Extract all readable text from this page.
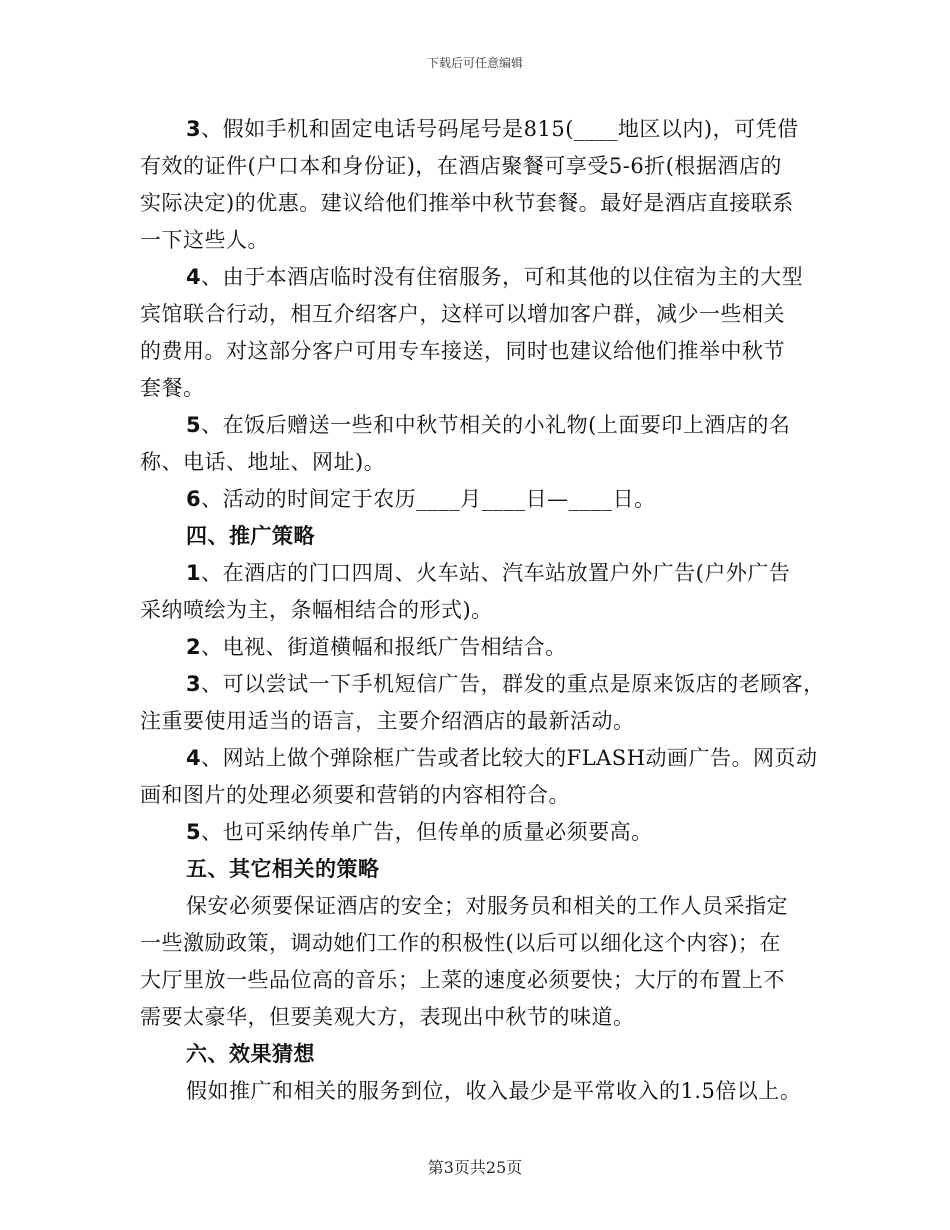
下载后可任意编辑
3、假如手机和固定电话号码尾号是815(____地区以内)，可凭借
有效的证件(户口本和身份证)，在酒店聚餐可享受5-6折(根据酒店的
实际决定)的优惠。建议给他们推举中秋节套餐。最好是酒店直接联系
一下这些人。
4、由于本酒店临时没有住宿服务，可和其他的以住宿为主的大型
宾馆联合行动，相互介绍客户，这样可以增加客户群，减少一些相关
的费用。对这部分客户可用专车接送，同时也建议给他们推举中秋节
套餐。
5、在饭后赠送一些和中秋节相关的小礼物(上面要印上酒店的名
称、电话、地址、网址)。
6、活动的时间定于农历____月____日—____日。
四、推广策略
1、在酒店的门口四周、火车站、汽车站放置户外广告(户外广告
采纳喷绘为主，条幅相结合的形式)。
2、电视、街道横幅和报纸广告相结合。
3、可以尝试一下手机短信广告，群发的重点是原来饭店的老顾客，
注重要使用适当的语言，主要介绍酒店的最新活动。
4、网站上做个弹除框广告或者比较大的FLASH动画广告。网页动
画和图片的处理必须要和营销的内容相符合。
5、也可采纳传单广告，但传单的质量必须要高。
五、其它相关的策略
保安必须要保证酒店的安全；对服务员和相关的工作人员采指定
一些激励政策，调动她们工作的积极性(以后可以细化这个内容)；在
大厅里放一些品位高的音乐；上菜的速度必须要快；大厅的布置上不
需要太豪华，但要美观大方，表现出中秋节的味道。
六、效果猜想
假如推广和相关的服务到位，收入最少是平常收入的1.5倍以上。
第3页共25页
